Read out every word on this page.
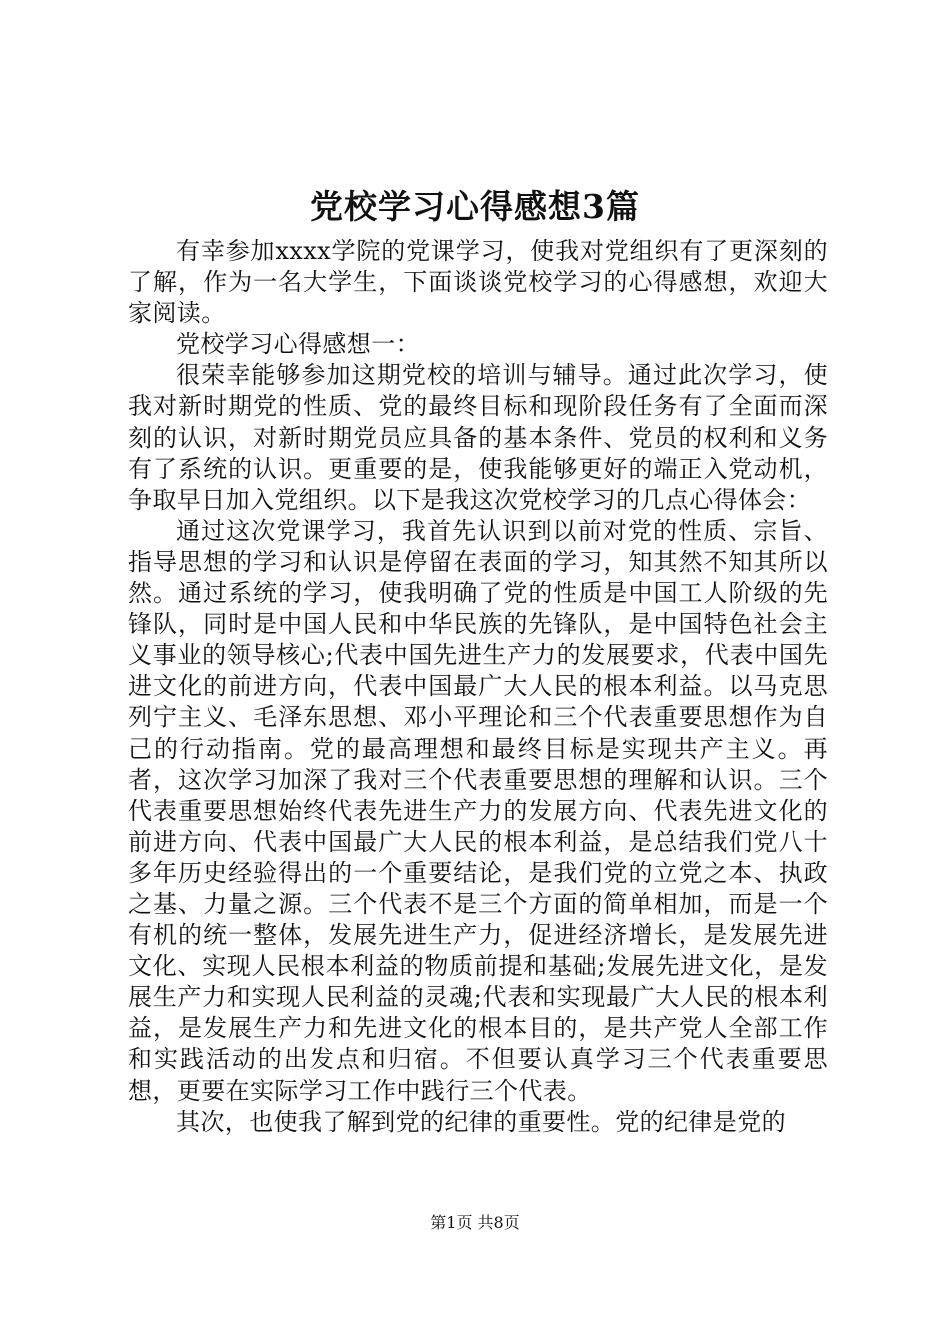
党校学习心得感想3篇

有幸参加xxxx学院的党课学习，使我对党组织有了更深刻的了解，作为一名大学生，下面谈谈党校学习的心得感想，欢迎大家阅读。

党校学习心得感想一：

很荣幸能够参加这期党校的培训与辅导。通过此次学习，使我对新时期党的性质、党的最终目标和现阶段任务有了全面而深刻的认识，对新时期党员应具备的基本条件、党员的权利和义务有了系统的认识。更重要的是，使我能够更好的端正入党动机，争取早日加入党组织。以下是我这次党校学习的几点心得体会：

通过这次党课学习，我首先认识到以前对党的性质、宗旨、指导思想的学习和认识是停留在表面的学习，知其然不知其所以然。通过系统的学习，使我明确了党的性质是中国工人阶级的先锋队，同时是中国人民和中华民族的先锋队，是中国特色社会主义事业的领导核心;代表中国先进生产力的发展要求，代表中国先进文化的前进方向，代表中国最广大人民的根本利益。以马克思列宁主义、毛泽东思想、邓小平理论和三个代表重要思想作为自己的行动指南。党的最高理想和最终目标是实现共产主义。再者，这次学习加深了我对三个代表重要思想的理解和认识。三个代表重要思想始终代表先进生产力的发展方向、代表先进文化的前进方向、代表中国最广大人民的根本利益，是总结我们党八十多年历史经验得出的一个重要结论，是我们党的立党之本、执政之基、力量之源。三个代表不是三个方面的简单相加，而是一个有机的统一整体，发展先进生产力，促进经济增长，是发展先进文化、实现人民根本利益的物质前提和基础;发展先进文化，是发展生产力和实现人民利益的灵魂;代表和实现最广大人民的根本利益，是发展生产力和先进文化的根本目的，是共产党人全部工作和实践活动的出发点和归宿。不但要认真学习三个代表重要思想，更要在实际学习工作中践行三个代表。

其次，也使我了解到党的纪律的重要性。党的纪律是党的

第1页 共8页
